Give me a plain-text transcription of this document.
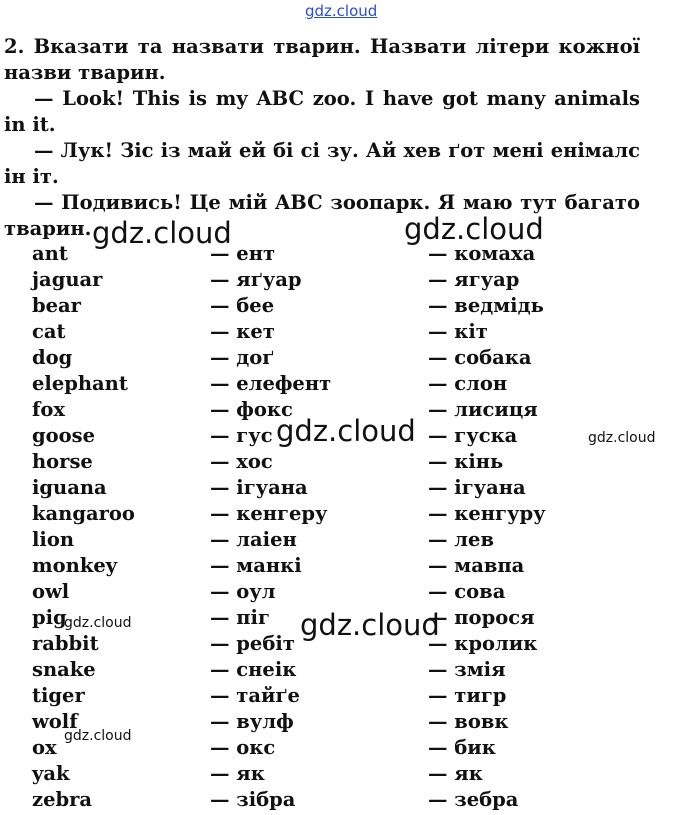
gdz.cloud

2. Вказати та назвати тварин. Назвати літери кожної назви тварин.

— Look! This is my ABC zoo. I have got many animals in it.

— Лук! Зіс із май ей бі сі зу. Ай хев ґот мені енімалс ін іт.

— Подивись! Це мій ABC зоопарк. Я маю тут багато тварин.

ant	— ент	— комаха
jaguar	— яґуар	— ягуар
bear	— бее	— ведмідь
cat	— кет	— кіт
dog	— доґ	— собака
elephant	— елефент	— слон
fox	— фокс	— лисиця
goose	— гус	— гуска
horse	— хос	— кінь
iguana	— ігуана	— ігуана
kangaroo	— кенгеру	— кенгуру
lion	— лаіен	— лев
monkey	— манкі	— мавпа
owl	— оул	— сова
pig	— піг	— порося
rabbit	— ребіт	— кролик
snake	— снеік	— змія
tiger	— тайґе	— тигр
wolf	— вулф	— вовк
ox	— окс	— бик
yak	— як	— як
zebra	— зібра	— зебра
gdz.cloud	gdz.cloud
gdz.cloud	gdz.cloud
gdz.cloud	gdz.cloud
gdz.cloud
